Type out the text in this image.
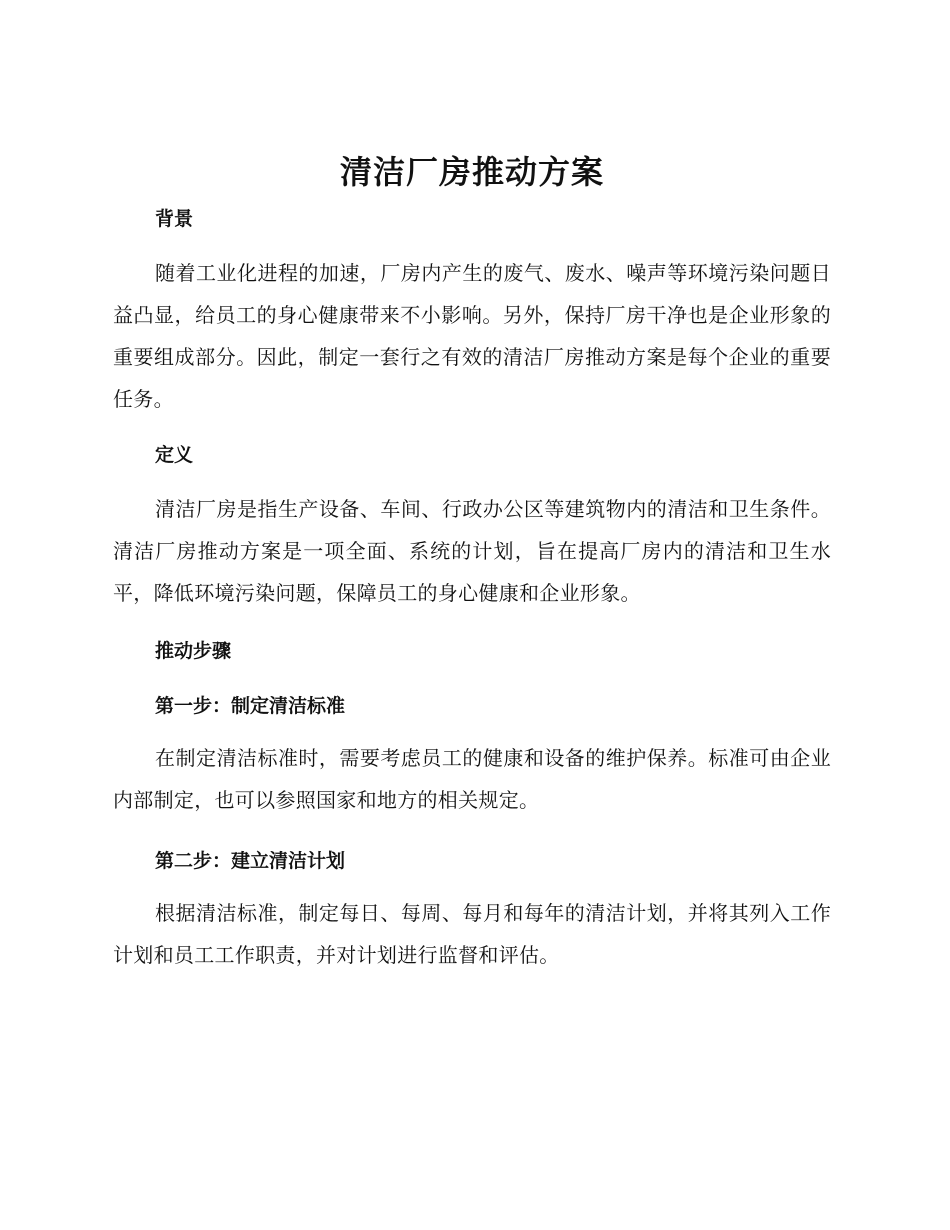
清洁厂房推动方案
背景

随着工业化进程的加速，厂房内产生的废气、废水、噪声等环境污染问题日益凸显，给员工的身心健康带来不小影响。另外，保持厂房干净也是企业形象的重要组成部分。因此，制定一套行之有效的清洁厂房推动方案是每个企业的重要任务。

定义

清洁厂房是指生产设备、车间、行政办公区等建筑物内的清洁和卫生条件。清洁厂房推动方案是一项全面、系统的计划，旨在提高厂房内的清洁和卫生水平，降低环境污染问题，保障员工的身心健康和企业形象。

推动步骤
第一步：制定清洁标准

在制定清洁标准时，需要考虑员工的健康和设备的维护保养。标准可由企业内部制定，也可以参照国家和地方的相关规定。

第二步：建立清洁计划

根据清洁标准，制定每日、每周、每月和每年的清洁计划，并将其列入工作计划和员工工作职责，并对计划进行监督和评估。
